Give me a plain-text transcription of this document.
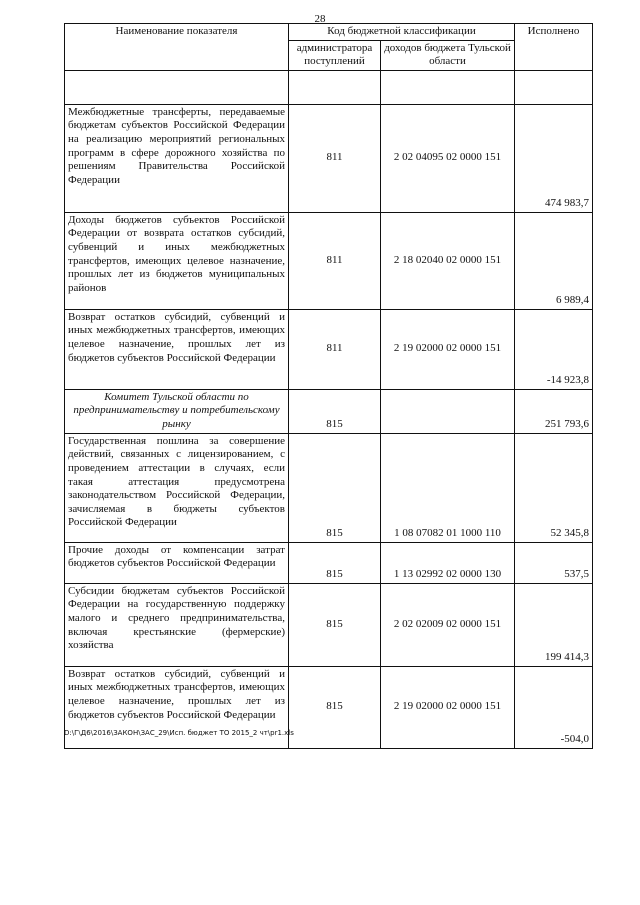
28
Наименование показателя	Код бюджетной классификации		Исполнено
	администратора поступлений	доходов бюджета Тульской области	

Межбюджетные трансферты, передаваемые бюджетам субъектов Российской Федерации на реализацию мероприятий региональных программ в сфере дорожного хозяйства по решениям Правительства Российской Федерации	811	2 02 04095 02 0000 151	474 983,7
Доходы бюджетов субъектов Российской Федерации от возврата остатков субсидий, субвенций и иных межбюджетных трансфертов, имеющих целевое назначение, прошлых лет из бюджетов муниципальных районов	811	2 18 02040 02 0000 151	6 989,4
Возврат остатков субсидий, субвенций и иных межбюджетных трансфертов, имеющих целевое назначение, прошлых лет из бюджетов субъектов Российской Федерации	811	2 19 02000 02 0000 151	-14 923,8
Комитет Тульской области по предпринимательству и потребительскому рынку	815		251 793,6
Государственная пошлина за совершение действий, связанных с лицензированием, с проведением аттестации в случаях, если такая аттестация предусмотрена законодательством Российской Федерации, зачисляемая в бюджеты субъектов Российской Федерации	815	1 08 07082 01 1000 110	52 345,8
Прочие доходы от компенсации затрат бюджетов субъектов Российской Федерации	815	1 13 02992 02 0000 130	537,5
Субсидии бюджетам субъектов Российской Федерации на государственную поддержку малого и среднего предпринимательства, включая крестьянские (фермерские) хозяйства	815	2 02 02009 02 0000 151	199 414,3
Возврат остатков субсидий, субвенций и иных межбюджетных трансфертов, имеющих целевое назначение, прошлых лет из бюджетов субъектов Российской Федерации	815	2 19 02000 02 0000 151	-504,0
D:\Г\Д6\2016\ЗАКОН\ЗАС_29\Исп. бюджет ТО 2015_2 чт\pr1.xls
